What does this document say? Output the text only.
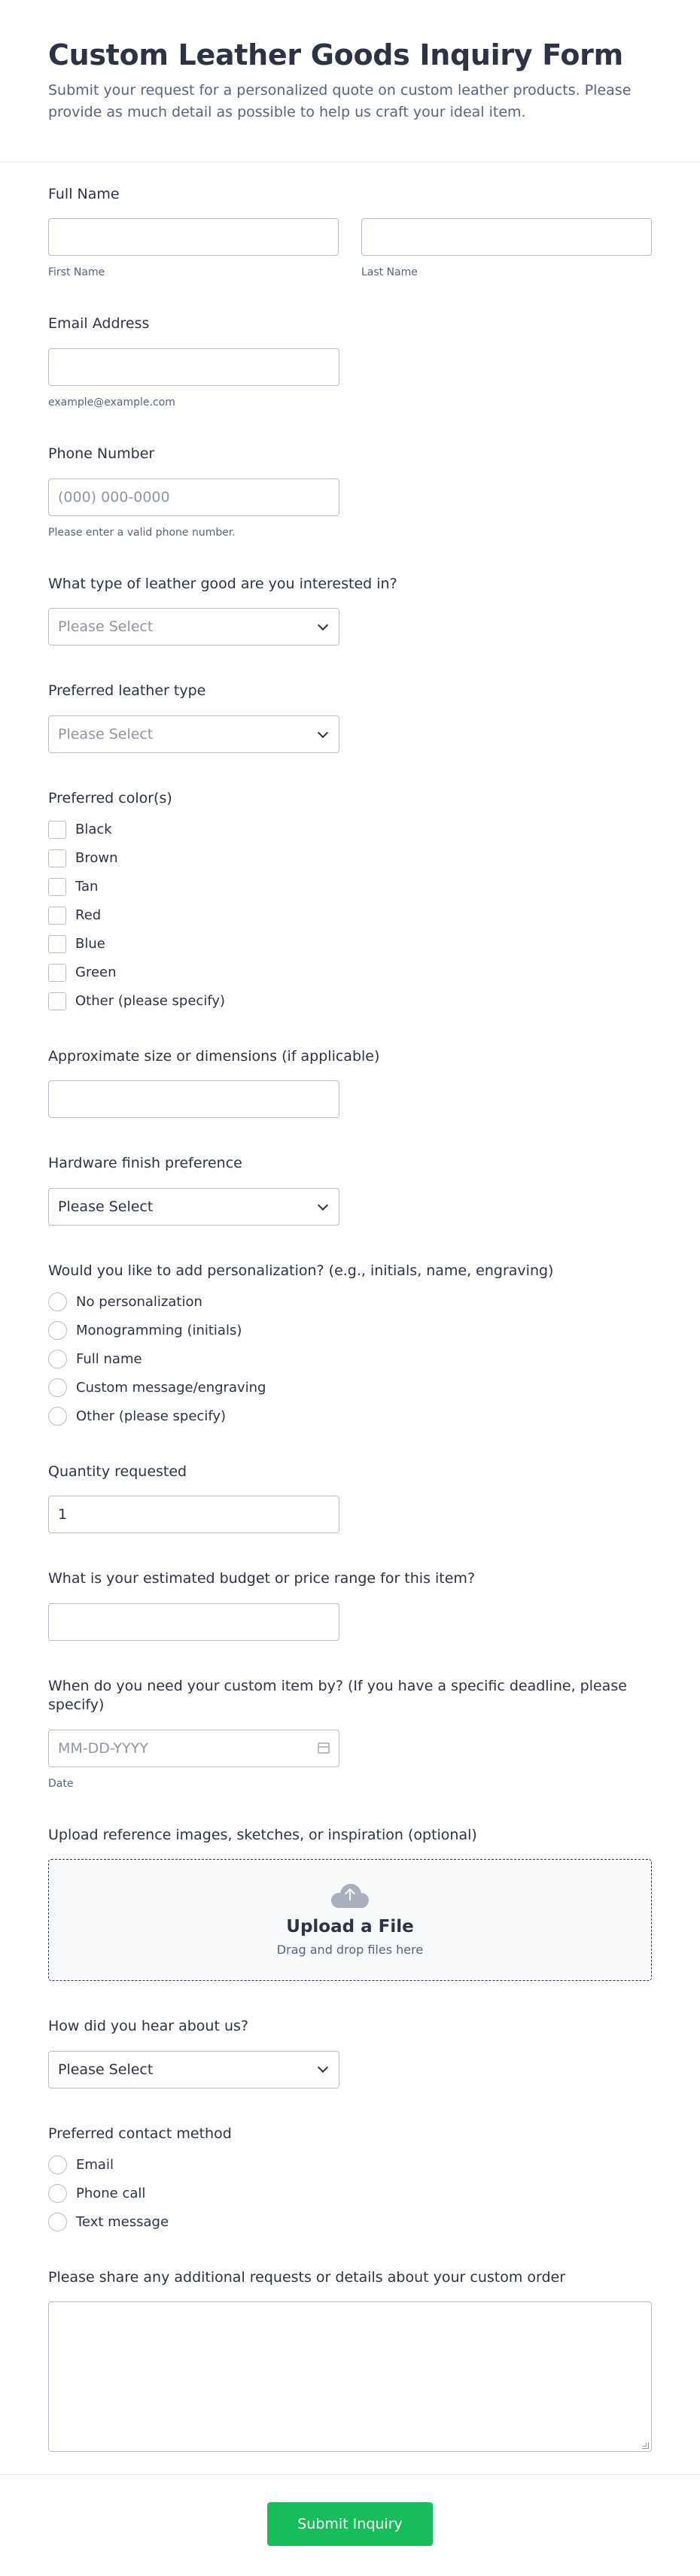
Custom Leather Goods Inquiry Form

Submit your request for a personalized quote on custom leather products. Please provide as much detail as possible to help us craft your ideal item.

Full Name
First Name	Last Name
Email Address
example@example.com
Phone Number
(000) 000-0000
Please enter a valid phone number.
What type of leather good are you interested in?
Please Select
Preferred leather type
Please Select
Preferred color(s)
Black
Brown
Tan
Red
Blue
Green
Other (please specify)
Approximate size or dimensions (if applicable)
Hardware finish preference
Please Select
Would you like to add personalization? (e.g., initials, name, engraving)
No personalization
Monogramming (initials)
Full name
Custom message/engraving
Other (please specify)
Quantity requested
1
What is your estimated budget or price range for this item?
When do you need your custom item by? (If you have a specific deadline, please specify)
MM-DD-YYYY
Date
Upload reference images, sketches, or inspiration (optional)
Upload a File
Drag and drop files here
How did you hear about us?
Please Select
Preferred contact method
Email
Phone call
Text message
Please share any additional requests or details about your custom order
Submit Inquiry
